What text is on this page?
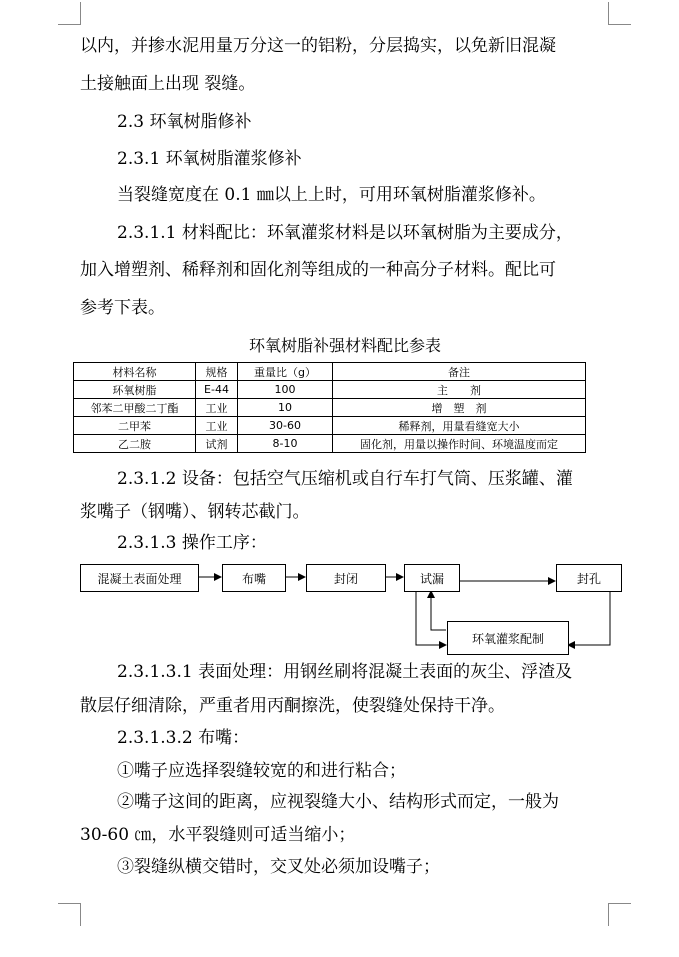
以内，并掺水泥用量万分这一的铝粉，分层捣实，以免新旧混凝
土接触面上出现 裂缝。
2.3 环氧树脂修补
2.3.1 环氧树脂灌浆修补
当裂缝宽度在 0.1 ㎜以上上时，可用环氧树脂灌浆修补。
2.3.1.1 材料配比：环氧灌浆材料是以环氧树脂为主要成分，
加入增塑剂、稀释剂和固化剂等组成的一种高分子材料。配比可
参考下表。
环氧树脂补强材料配比参表
材料名称	规格	重量比（g）	备注
环氧树脂	E-44	100	主　　剂
邻苯二甲酸二丁酯	工业	10	增　塑　剂
二甲苯	工业	30-60	稀释剂，用量看缝宽大小
乙二胺	试剂	8-10	固化剂，用量以操作时间、环境温度而定
2.3.1.2 设备：包括空气压缩机或自行车打气筒、压浆罐、灌
浆嘴子（钢嘴）、钢转芯截门。
2.3.1.3 操作工序：
混凝土表面处理	布嘴	封闭	试漏	封孔
环氧灌浆配制
2.3.1.3.1 表面处理：用钢丝刷将混凝土表面的灰尘、浮渣及
散层仔细清除，严重者用丙酮擦洗，使裂缝处保持干净。
2.3.1.3.2 布嘴：
①嘴子应选择裂缝较宽的和进行粘合；
②嘴子这间的距离，应视裂缝大小、结构形式而定，一般为
30-60 ㎝，水平裂缝则可适当缩小；
③裂缝纵横交错时，交叉处必须加设嘴子；
